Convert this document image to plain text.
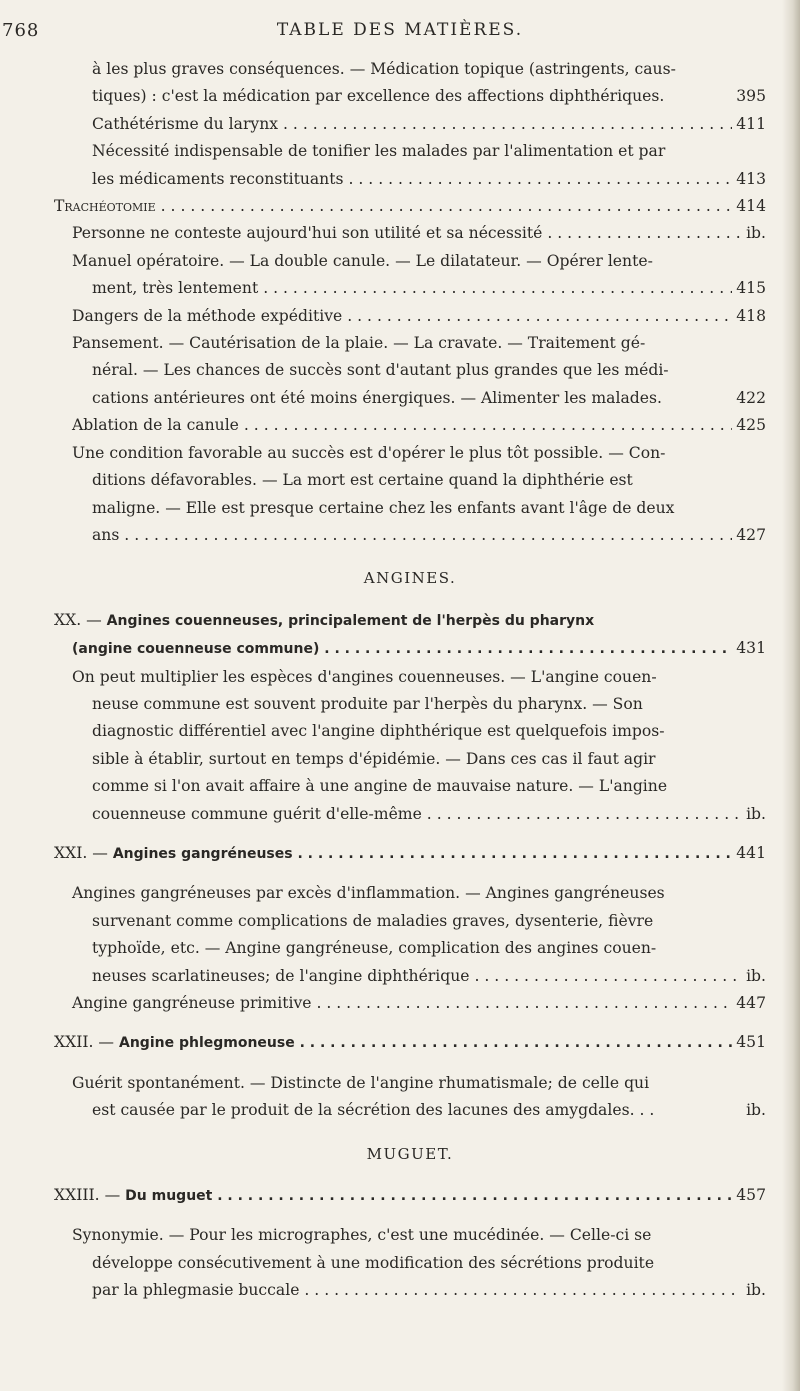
768	TABLE DES MATIÈRES.
à les plus graves conséquences. — Médication topique (astringents, caus-
tiques) : c'est la médication par excellence des affections diphthériques.	395
Cathétérisme du larynx . . .	411
Nécessité indispensable de tonifier les malades par l'alimentation et par
les médicaments reconstituants . . .	413
Trachéotomie . . .	414
Personne ne conteste aujourd'hui son utilité et sa nécessité . . .	ib.
Manuel opératoire. — La double canule. — Le dilatateur. — Opérer lente-
ment, très lentement . . .	415
Dangers de la méthode expéditive . . .	418
Pansement. — Cautérisation de la plaie. — La cravate. — Traitement gé-
néral. — Les chances de succès sont d'autant plus grandes que les médi-
cations antérieures ont été moins énergiques. — Alimenter les malades.	422
Ablation de la canule . . .	425
Une condition favorable au succès est d'opérer le plus tôt possible. — Con-
ditions défavorables. — La mort est certaine quand la diphthérie est
maligne. — Elle est presque certaine chez les enfants avant l'âge de deux
ans . . .	427
ANGINES.
XX. — Angines couenneuses, principalement de l'herpès du pharynx
(angine couenneuse commune) . . .	431
On peut multiplier les espèces d'angines couenneuses. — L'angine couen-
neuse commune est souvent produite par l'herpès du pharynx. — Son
diagnostic différentiel avec l'angine diphthérique est quelquefois impos-
sible à établir, surtout en temps d'épidémie. — Dans ces cas il faut agir
comme si l'on avait affaire à une angine de mauvaise nature. — L'angine
couenneuse commune guérit d'elle-même . . .	ib.
XXI. — Angines gangréneuses . . .	441
Angines gangréneuses par excès d'inflammation. — Angines gangréneuses
survenant comme complications de maladies graves, dysenterie, fièvre
typhoïde, etc. — Angine gangréneuse, complication des angines couen-
neuses scarlatineuses; de l'angine diphthérique . . .	ib.
Angine gangréneuse primitive . . .	447
XXII. — Angine phlegmoneuse . . .	451
Guérit spontanément. — Distincte de l'angine rhumatismale; de celle qui
est causée par le produit de la sécrétion des lacunes des amygdales. . .	ib.
MUGUET.
XXIII. — Du muguet . . .	457
Synonymie. — Pour les micrographes, c'est une mucédinée. — Celle-ci se
développe consécutivement à une modification des sécrétions produite
par la phlegmasie buccale . . .	ib.
